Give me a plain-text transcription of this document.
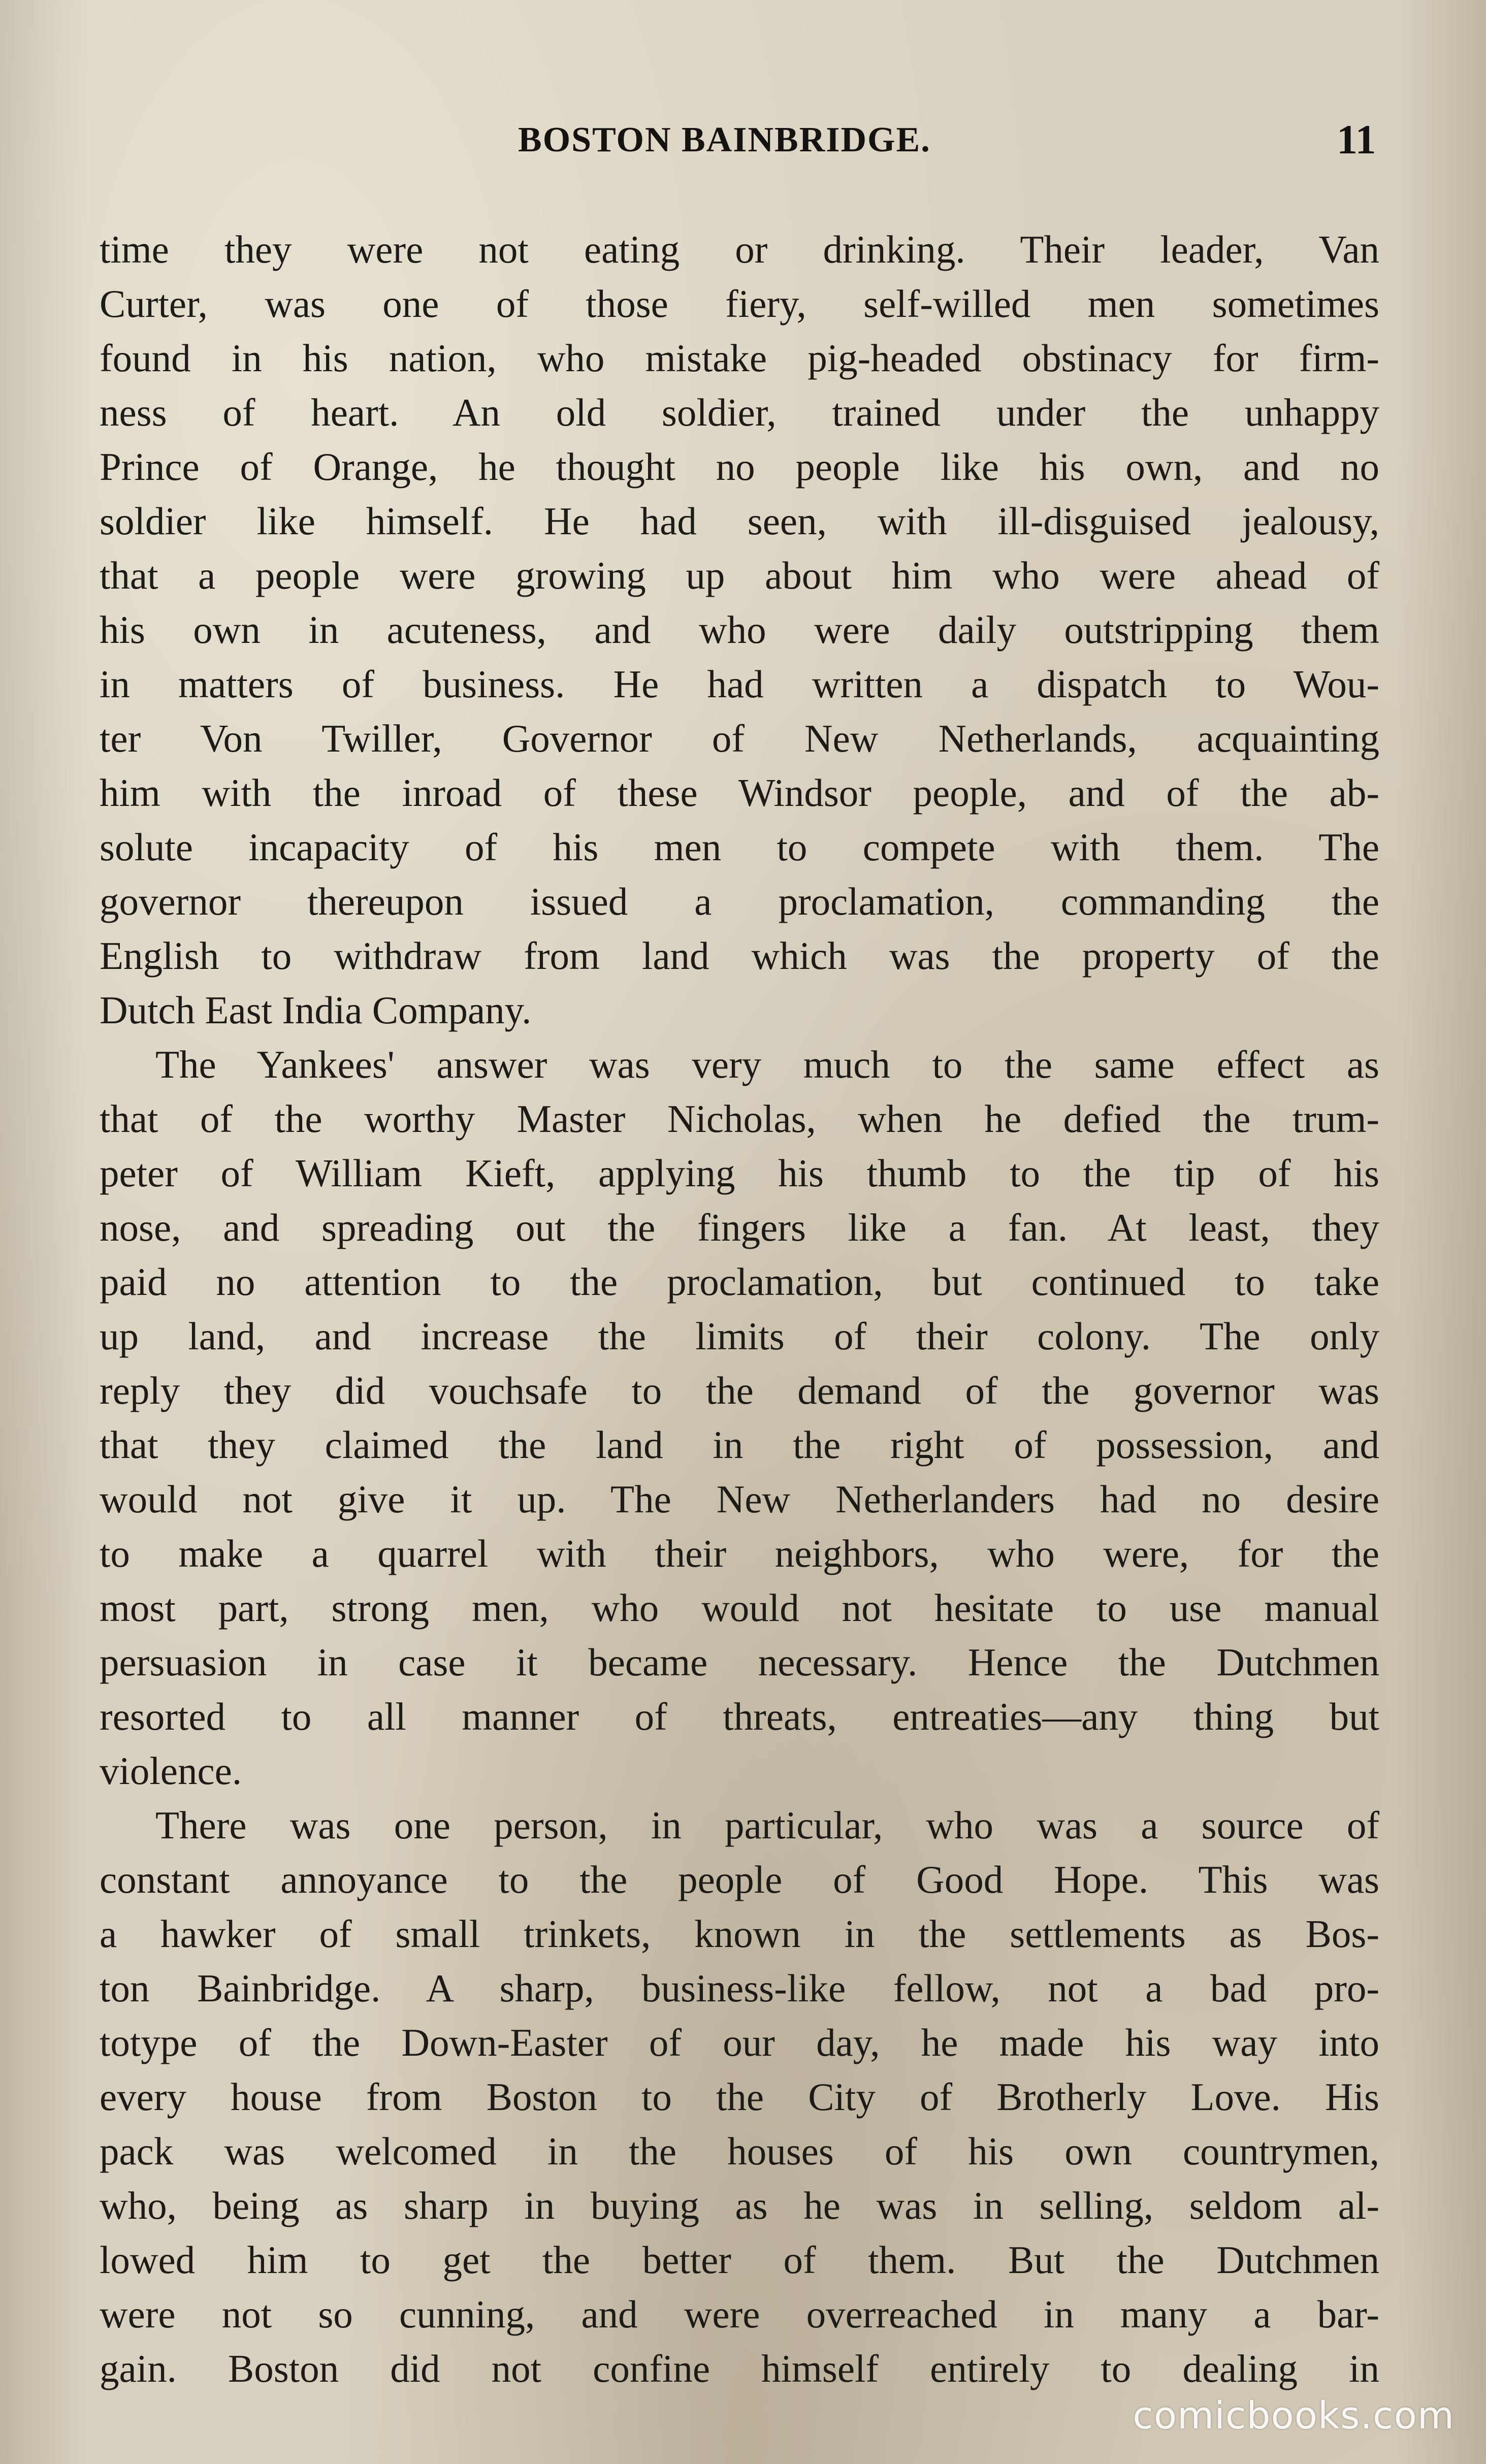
BOSTON BAINBRIDGE.	11

time they were not eating or drinking. Their leader, Van
Curter, was one of those fiery, self-willed men sometimes
found in his nation, who mistake pig-headed obstinacy for firm-
ness of heart. An old soldier, trained under the unhappy
Prince of Orange, he thought no people like his own, and no
soldier like himself. He had seen, with ill-disguised jealousy,
that a people were growing up about him who were ahead of
his own in acuteness, and who were daily outstripping them
in matters of business. He had written a dispatch to Wou-
ter Von Twiller, Governor of New Netherlands, acquainting
him with the inroad of these Windsor people, and of the ab-
solute incapacity of his men to compete with them. The
governor thereupon issued a proclamation, commanding the
English to withdraw from land which was the property of the
Dutch East India Company.

The Yankees' answer was very much to the same effect as
that of the worthy Master Nicholas, when he defied the trum-
peter of William Kieft, applying his thumb to the tip of his
nose, and spreading out the fingers like a fan. At least, they
paid no attention to the proclamation, but continued to take
up land, and increase the limits of their colony. The only
reply they did vouchsafe to the demand of the governor was
that they claimed the land in the right of possession, and
would not give it up. The New Netherlanders had no desire
to make a quarrel with their neighbors, who were, for the
most part, strong men, who would not hesitate to use manual
persuasion in case it became necessary. Hence the Dutchmen
resorted to all manner of threats, entreaties—any thing but
violence.

There was one person, in particular, who was a source of
constant annoyance to the people of Good Hope. This was
a hawker of small trinkets, known in the settlements as Bos-
ton Bainbridge. A sharp, business-like fellow, not a bad pro-
totype of the Down-Easter of our day, he made his way into
every house from Boston to the City of Brotherly Love. His
pack was welcomed in the houses of his own countrymen,
who, being as sharp in buying as he was in selling, seldom al-
lowed him to get the better of them. But the Dutchmen
were not so cunning, and were overreached in many a bar-
gain. Boston did not confine himself entirely to dealing in

comicbooks.com
